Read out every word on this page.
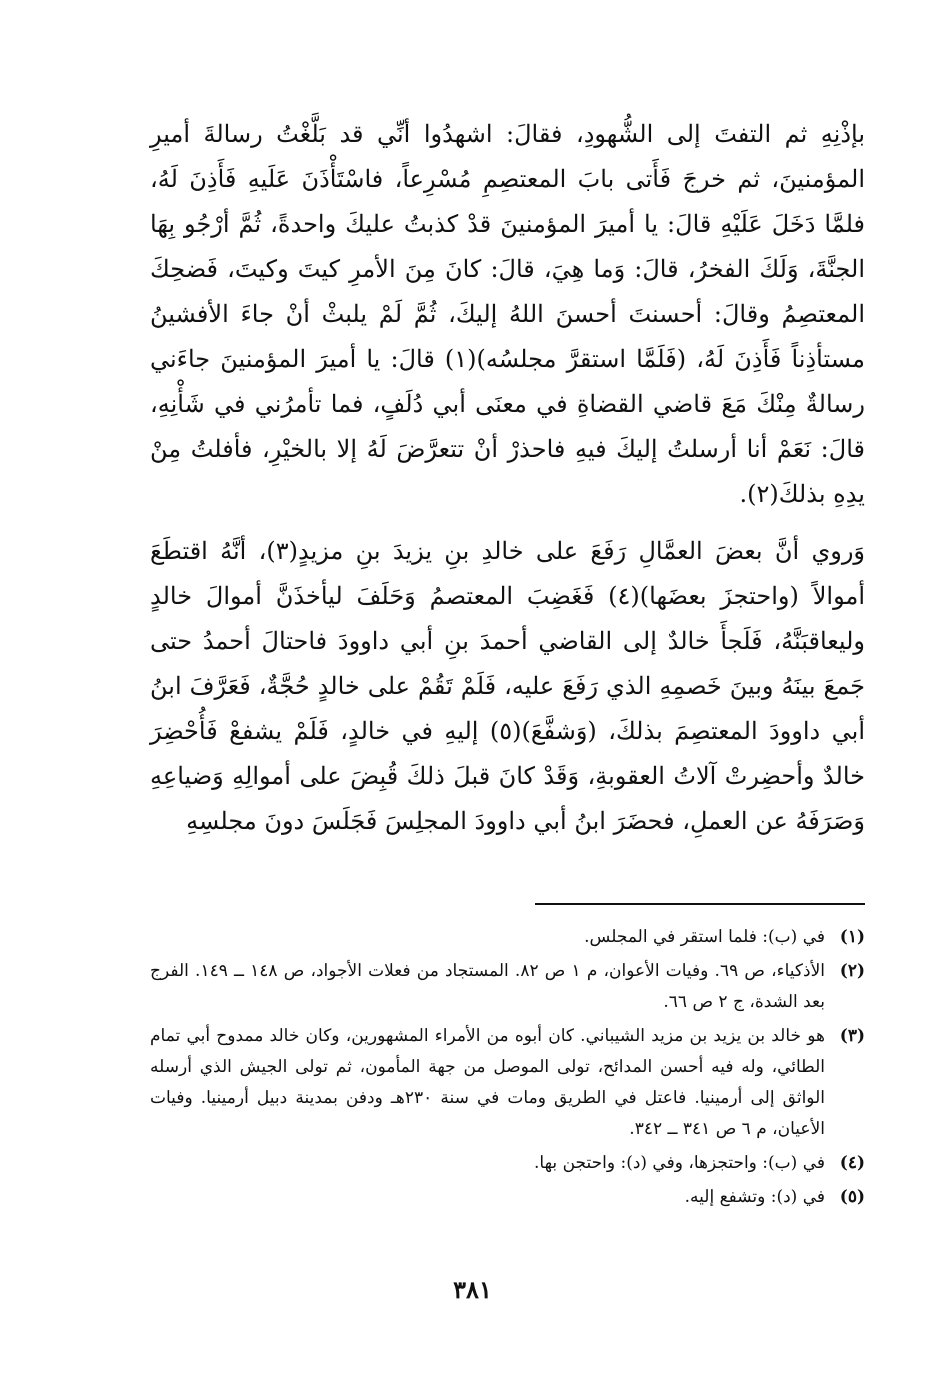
بإذْنِهِ ثم التفتَ إلى الشُّهودِ، فقالَ: اشهدُوا أنِّي قد بَلَّغْتُ رسالةَ أميرِ المؤمنينَ، ثم خرجَ فَأَتى بابَ المعتصِمِ مُسْرِعاً، فاسْتَأْذَنَ عَلَيهِ فَأَذِنَ لَهُ، فلمَّا دَخَلَ عَلَيْهِ قالَ: يا أميرَ المؤمنينَ قدْ كذبتُ عليكَ واحدةً، ثُمَّ أرْجُو بِهَا الجنَّةَ، وَلَكَ الفخرُ، قالَ: وَما هِيَ، قالَ: كانَ مِنَ الأمرِ كيتَ وكيتَ، فَضحِكَ المعتصِمُ وقالَ: أحسنتَ أحسنَ اللهُ إليكَ، ثُمَّ لَمْ يلبثْ أنْ جاءَ الأفشينُ مستأذِناً فَأَذِنَ لَهُ، (فَلَمَّا استقرَّ مجلسُه)(١) قالَ: يا أميرَ المؤمنينَ جاءَني رسالةٌ مِنْكَ مَعَ قاضي القضاةِ في معنَى أبي دُلَفٍ، فما تأمرُني في شَأْنِهِ، قالَ: نَعَمْ أنا أرسلتُ إليكَ فيهِ فاحذرْ أنْ تتعرَّضَ لَهُ إلا بالخيْرِ، فأفلتُ مِنْ يدِهِ بذلكَ(٢).

وَروي أنَّ بعضَ العمَّالِ رَفَعَ على خالدِ بنِ يزيدَ بنِ مزيدٍ(٣)، أنَّهُ اقتطَعَ أموالاً (واحتجزَ بعضَها)(٤) فَغَضِبَ المعتصمُ وَحَلَفَ ليأخذَنَّ أموالَ خالدٍ وليعاقبَنَّهُ، فَلَجأَ خالدٌ إلى القاضي أحمدَ بنِ أبي داوودَ فاحتالَ أحمدُ حتى جَمعَ بينَهُ وبينَ خَصمِهِ الذي رَفَعَ عليه، فَلَمْ تَقُمْ على خالدٍ حُجَّةٌ، فَعَرَّفَ ابنُ أبي داوودَ المعتصِمَ بذلكَ، (وَشفَّعَ)(٥) إليهِ في خالدٍ، فَلَمْ يشفعْ فَأُحْضِرَ خالدٌ وأحضِرتْ آلاتُ العقوبةِ، وَقَدْ كانَ قبلَ ذلكَ قُبِضَ على أموالِهِ وَضياعِهِ وَصَرَفَهُ عن العملِ، فحضَرَ ابنُ أبي داوودَ المجلِسَ فَجَلَسَ دونَ مجلسِهِ

(١)
في (ب): فلما استقر في المجلس.
(٢)
الأذكياء، ص ٦٩. وفيات الأعوان، م ١ ص ٨٢. المستجاد من فعلات الأجواد، ص ١٤٨ ــ ١٤٩. الفرج بعد الشدة، ج ٢ ص ٦٦.
(٣)
هو خالد بن يزيد بن مزيد الشيباني. كان أبوه من الأمراء المشهورين، وكان خالد ممدوح أبي تمام الطائي، وله فيه أحسن المدائح، تولى الموصل من جهة المأمون، ثم تولى الجيش الذي أرسله الواثق إلى أرمينيا. فاعتل في الطريق ومات في سنة ٢٣٠هـ ودفن بمدينة دبيل أرمينيا. وفيات الأعيان، م ٦ ص ٣٤١ ــ ٣٤٢.
(٤)
في (ب): واحتجزها، وفي (د): واحتجن بها.
(٥)
في (د): وتشفع إليه.
٣٨١
